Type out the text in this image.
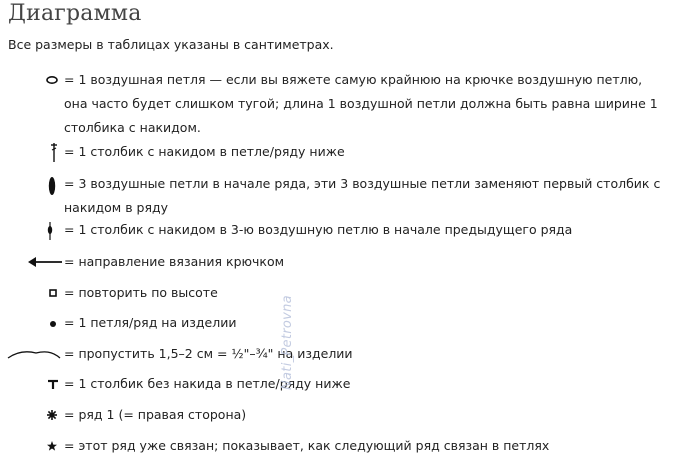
Диаграмма
Все размеры в таблицах указаны в сантиметрах.
= 1 воздушная петля — если вы вяжете самую крайнюю на крючке воздушную петлю, она часто будет слишком тугой; длина 1 воздушной петли должна быть равна ширине 1 столбика с накидом.
= 1 столбик с накидом в петле/ряду ниже
= 3 воздушные петли в начале ряда, эти 3 воздушные петли заменяют первый столбик с накидом в ряду
= 1 столбик с накидом в 3-ю воздушную петлю в начале предыдущего ряда
= направление вязания крючком
= повторить по высоте
= 1 петля/ряд на изделии
= пропустить 1,5–2 см = ½"–¾" на изделии
= 1 столбик без накида в петле/ряду ниже
= ряд 1 (= правая сторона)
= этот ряд уже связан; показывает, как следующий ряд связан в петлях
Nati_Petrovna
